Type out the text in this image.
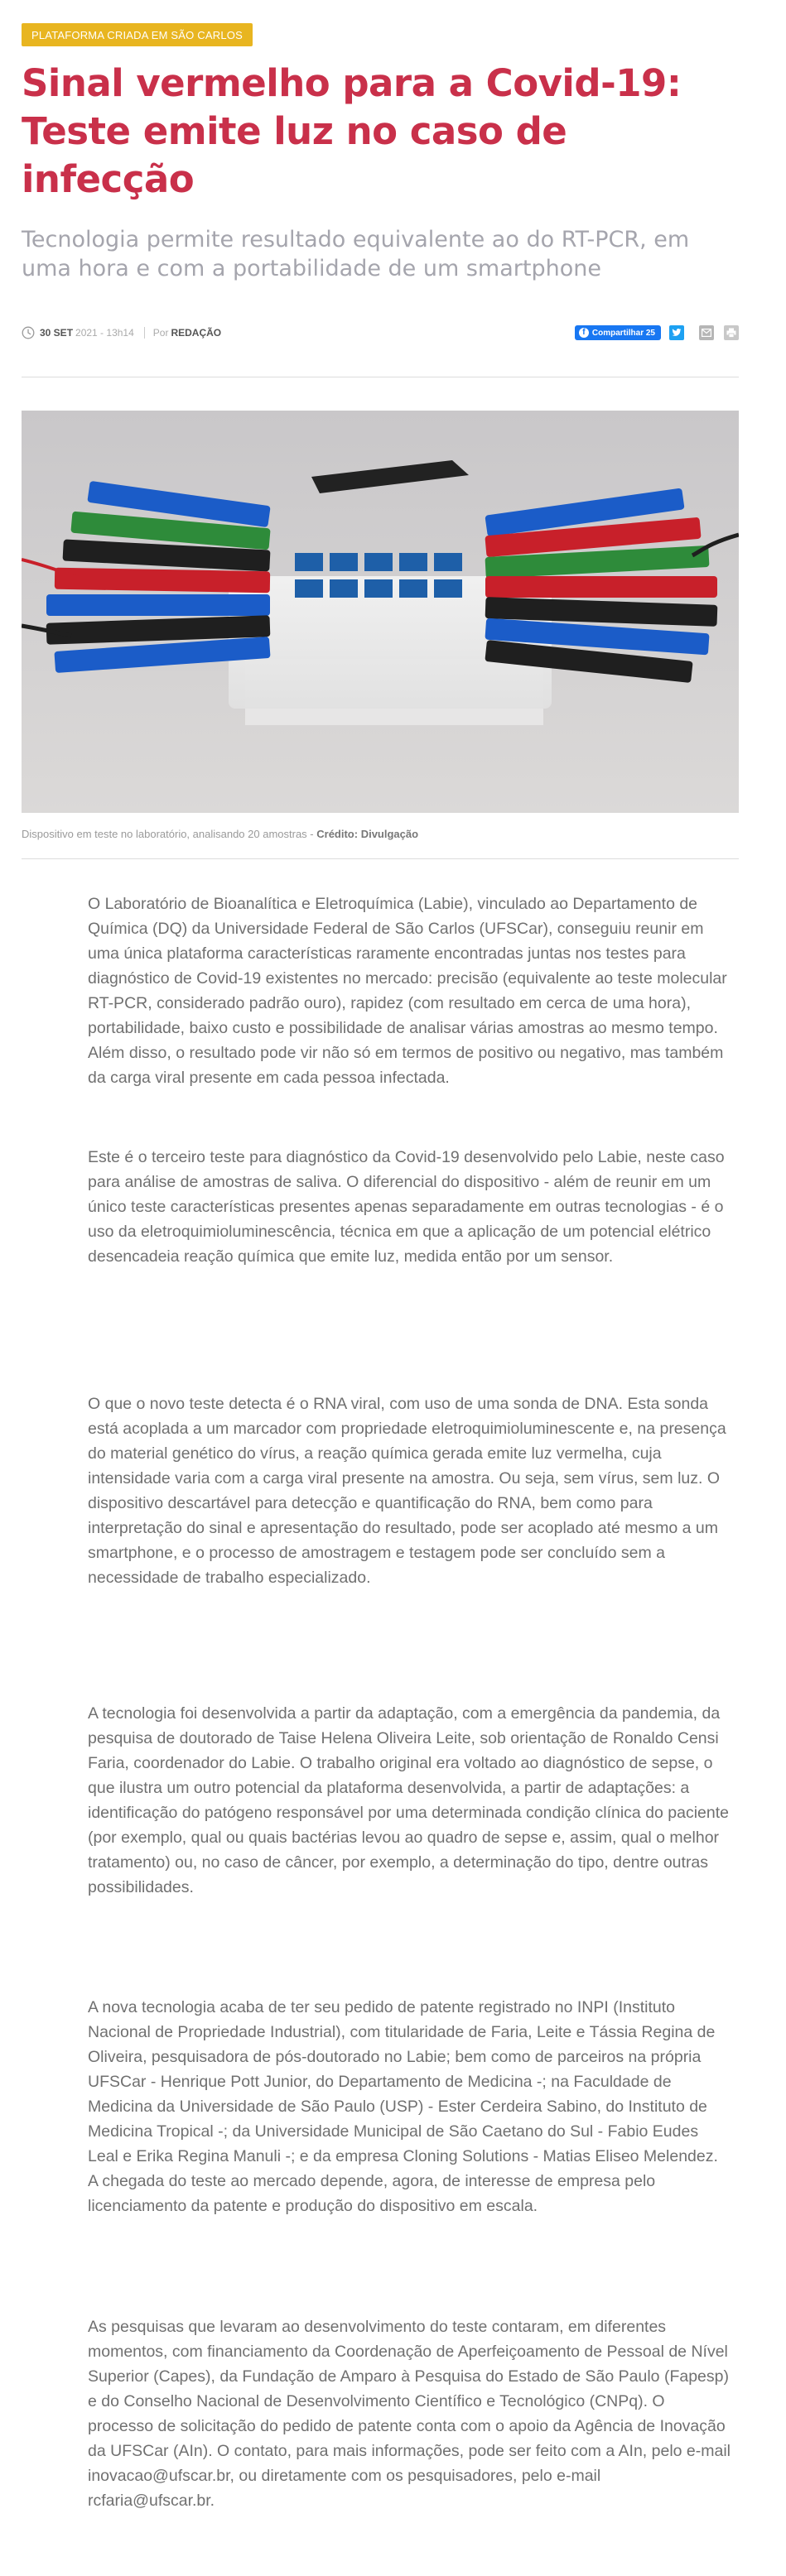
PLATAFORMA CRIADA EM SÃO CARLOS
Sinal vermelho para a Covid-19: Teste emite luz no caso de infecção
Tecnologia permite resultado equivalente ao do RT-PCR, em uma hora e com a portabilidade de um smartphone
30 SET 2021 - 13h14 Por REDAÇÃO	f Compartilhar 25
Dispositivo em teste no laboratório, analisando 20 amostras - Crédito: Divulgação

O Laboratório de Bioanalítica e Eletroquímica (Labie), vinculado ao Departamento de Química (DQ) da Universidade Federal de São Carlos (UFSCar), conseguiu reunir em uma única plataforma características raramente encontradas juntas nos testes para diagnóstico de Covid-19 existentes no mercado: precisão (equivalente ao teste molecular RT-PCR, considerado padrão ouro), rapidez (com resultado em cerca de uma hora), portabilidade, baixo custo e possibilidade de analisar várias amostras ao mesmo tempo. Além disso, o resultado pode vir não só em termos de positivo ou negativo, mas também da carga viral presente em cada pessoa infectada.

Este é o terceiro teste para diagnóstico da Covid-19 desenvolvido pelo Labie, neste caso para análise de amostras de saliva. O diferencial do dispositivo - além de reunir em um único teste características presentes apenas separadamente em outras tecnologias - é o uso da eletroquimioluminescência, técnica em que a aplicação de um potencial elétrico desencadeia reação química que emite luz, medida então por um sensor.

O que o novo teste detecta é o RNA viral, com uso de uma sonda de DNA. Esta sonda está acoplada a um marcador com propriedade eletroquimioluminescente e, na presença do material genético do vírus, a reação química gerada emite luz vermelha, cuja intensidade varia com a carga viral presente na amostra. Ou seja, sem vírus, sem luz. O dispositivo descartável para detecção e quantificação do RNA, bem como para interpretação do sinal e apresentação do resultado, pode ser acoplado até mesmo a um smartphone, e o processo de amostragem e testagem pode ser concluído sem a necessidade de trabalho especializado.

A tecnologia foi desenvolvida a partir da adaptação, com a emergência da pandemia, da pesquisa de doutorado de Taise Helena Oliveira Leite, sob orientação de Ronaldo Censi Faria, coordenador do Labie. O trabalho original era voltado ao diagnóstico de sepse, o que ilustra um outro potencial da plataforma desenvolvida, a partir de adaptações: a identificação do patógeno responsável por uma determinada condição clínica do paciente (por exemplo, qual ou quais bactérias levou ao quadro de sepse e, assim, qual o melhor tratamento) ou, no caso de câncer, por exemplo, a determinação do tipo, dentre outras possibilidades.

A nova tecnologia acaba de ter seu pedido de patente registrado no INPI (Instituto Nacional de Propriedade Industrial), com titularidade de Faria, Leite e Tássia Regina de Oliveira, pesquisadora de pós-doutorado no Labie; bem como de parceiros na própria UFSCar - Henrique Pott Junior, do Departamento de Medicina -; na Faculdade de Medicina da Universidade de São Paulo (USP) - Ester Cerdeira Sabino, do Instituto de Medicina Tropical -; da Universidade Municipal de São Caetano do Sul - Fabio Eudes Leal e Erika Regina Manuli -; e da empresa Cloning Solutions - Matias Eliseo Melendez. A chegada do teste ao mercado depende, agora, de interesse de empresa pelo licenciamento da patente e produção do dispositivo em escala.

As pesquisas que levaram ao desenvolvimento do teste contaram, em diferentes momentos, com financiamento da Coordenação de Aperfeiçoamento de Pessoal de Nível Superior (Capes), da Fundação de Amparo à Pesquisa do Estado de São Paulo (Fapesp) e do Conselho Nacional de Desenvolvimento Científico e Tecnológico (CNPq). O processo de solicitação do pedido de patente conta com o apoio da Agência de Inovação da UFSCar (AIn). O contato, para mais informações, pode ser feito com a AIn, pelo e-mail inovacao@ufscar.br, ou diretamente com os pesquisadores, pelo e-mail rcfaria@ufscar.br.
